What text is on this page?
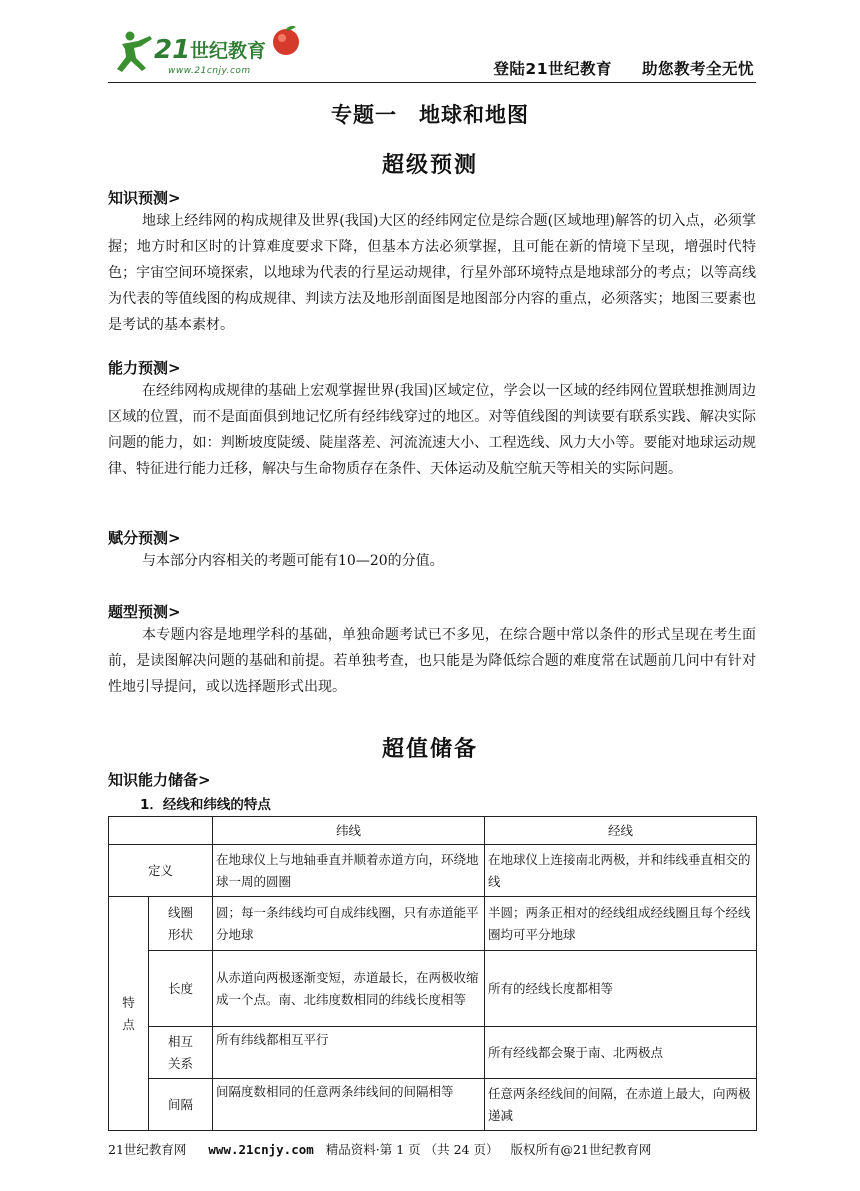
21 世纪教育
www.21cnjy.com	登陆21世纪教育 助您教考全无忧
专题一　地球和地图
超级预测
知识预测>

地球上经纬网的构成规律及世界(我国)大区的经纬网定位是综合题(区域地理)解答的切入点，必须掌握；地方时和区时的计算难度要求下降，但基本方法必须掌握，且可能在新的情境下呈现，增强时代特色；宇宙空间环境探索，以地球为代表的行星运动规律，行星外部环境特点是地球部分的考点；以等高线为代表的等值线图的构成规律、判读方法及地形剖面图是地图部分内容的重点，必须落实；地图三要素也是考试的基本素材。

能力预测>

在经纬网构成规律的基础上宏观掌握世界(我国)区域定位，学会以一区域的经纬网位置联想推测周边区域的位置，而不是面面俱到地记忆所有经纬线穿过的地区。对等值线图的判读要有联系实践、解决实际问题的能力，如：判断坡度陡缓、陡崖落差、河流流速大小、工程选线、风力大小等。要能对地球运动规律、特征进行能力迁移，解决与生命物质存在条件、天体运动及航空航天等相关的实际问题。

赋分预测>

与本部分内容相关的考题可能有10—20的分值。

题型预测>

本专题内容是地理学科的基础，单独命题考试已不多见，在综合题中常以条件的形式呈现在考生面前，是读图解决问题的基础和前提。若单独考查，也只能是为降低综合题的难度常在试题前几问中有针对性地引导提问，或以选择题形式出现。

超值储备
知识能力储备>
1．经线和纬线的特点
		纬线	经线
定义		在地球仪上与地轴垂直并顺着赤道方向，环绕地球一周的圆圈	在地球仪上连接南北两极，并和纬线垂直相交的线
特点	线圈形状	圆；每一条纬线均可自成纬线圈，只有赤道能平分地球	半圆；两条正相对的经线组成经线圈且每个经线圈均可平分地球
	长度	从赤道向两极逐渐变短，赤道最长，在两极收缩成一个点。南、北纬度数相同的纬线长度相等	所有的经线长度都相等
	相互关系	所有纬线都相互平行	所有经线都会聚于南、北两极点
	间隔	间隔度数相同的任意两条纬线间的间隔相等	任意两条经线间的间隔，在赤道上最大，向两极递减
21世纪教育网 www.21cnjy.com 精品资料·第 1 页 （共 24 页） 版权所有@21世纪教育网
